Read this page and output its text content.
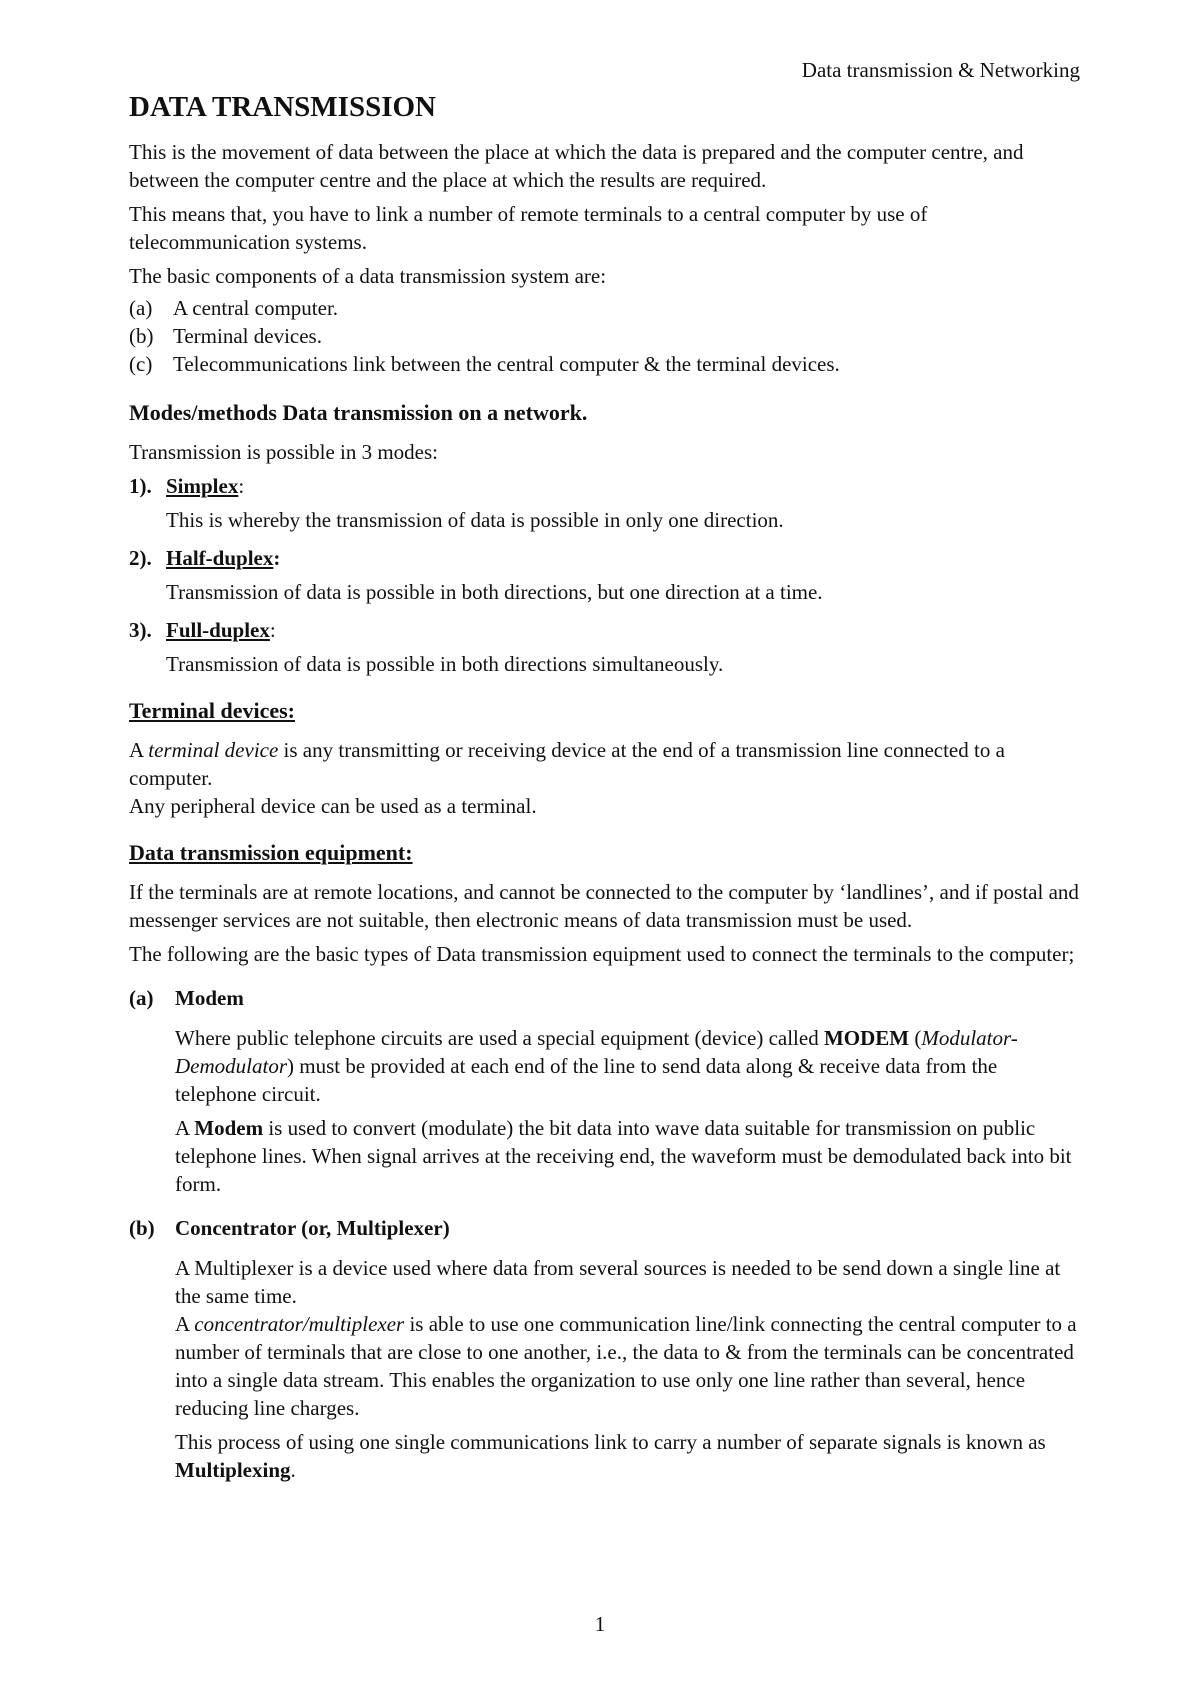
Data transmission & Networking
DATA TRANSMISSION

This is the movement of data between the place at which the data is prepared and the computer centre, and between the computer centre and the place at which the results are required.

This means that, you have to link a number of remote terminals to a central computer by use of telecommunication systems.

The basic components of a data transmission system are:

(a) A central computer.
(b) Terminal devices.
(c) Telecommunications link between the central computer & the terminal devices.
Modes/methods Data transmission on a network.

Transmission is possible in 3 modes:

1). Simplex :

This is whereby the transmission of data is possible in only one direction.

2). Half-duplex :

Transmission of data is possible in both directions, but one direction at a time.

3). Full-duplex :

Transmission of data is possible in both directions simultaneously.

Terminal devices:

A terminal device is any transmitting or receiving device at the end of a transmission line connected to a computer.

Any peripheral device can be used as a terminal.

Data transmission equipment:

If the terminals are at remote locations, and cannot be connected to the computer by ‘landlines’, and if postal and messenger services are not suitable, then electronic means of data transmission must be used.

The following are the basic types of Data transmission equipment used to connect the terminals to the computer;

(a)	Modem

Where public telephone circuits are used a special equipment (device) called MODEM (Modulator-Demodulator) must be provided at each end of the line to send data along & receive data from the telephone circuit.

A Modem is used to convert (modulate) the bit data into wave data suitable for transmission on public telephone lines. When signal arrives at the receiving end, the waveform must be demodulated back into bit form.

(b) Concentrator (or, Multiplexer)

A Multiplexer is a device used where data from several sources is needed to be send down a single line at the same time.

A concentrator/multiplexer is able to use one communication line/link connecting the central computer to a number of terminals that are close to one another, i.e., the data to & from the terminals can be concentrated into a single data stream. This enables the organization to use only one line rather than several, hence reducing line charges.

This process of using one single communications link to carry a number of separate signals is known as Multiplexing.

1
